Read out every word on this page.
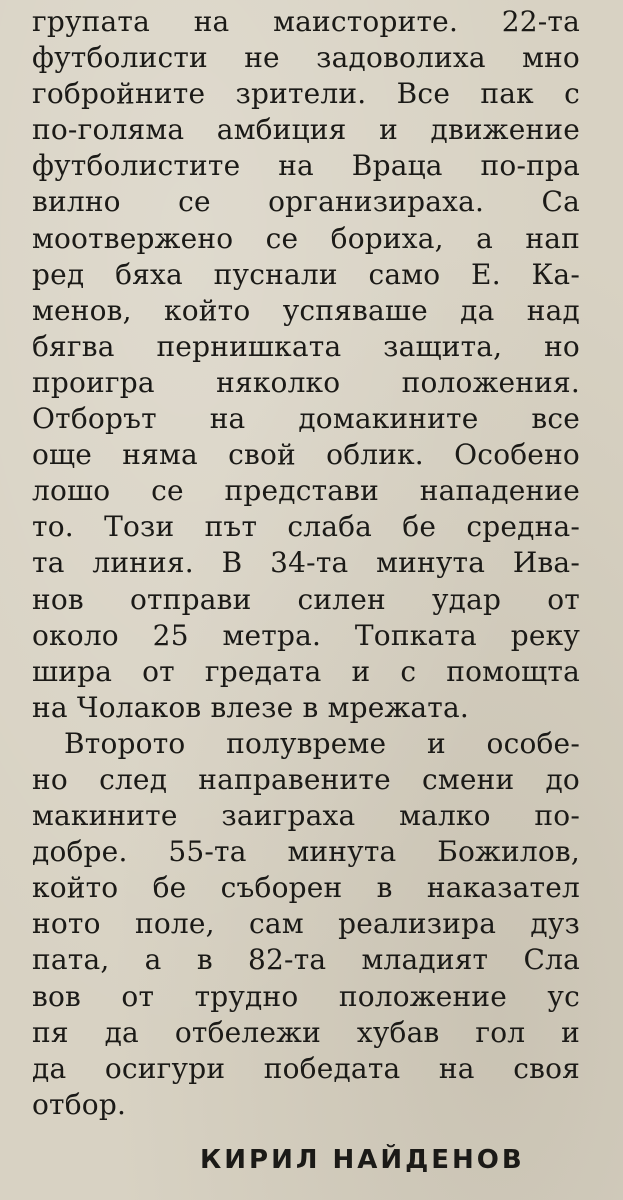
групата на маисторите. 22-та
футболисти не задоволиха мно
гобройните зрители. Все пак с
по-голяма амбиция и движение
футболистите на Враца по-пра
вилно се организираха. Са
моотвержено се бориха, а нап
ред бяха пуснали само Е. Ка-
менов, който успяваше да над
бягва пернишката защита, но
проигра няколко положения.
Отборът на домакините все
още няма свой облик. Особено
лошо се представи нападение
то. Този път слаба бе средна-
та линия. В 34-та минута Ива-
нов отправи силен удар от
около 25 метра. Топката реку
шира от гредата и с помощта
на Чолаков влезе в мрежата.
Второто полувреме и особе-
но след направените смени до
макините заиграха малко по-
добре. 55-та минута Божилов,
който бе съборен в наказател
ното поле, сам реализира дуз
пата, а в 82-та младият Сла
вов от трудно положение ус
пя да отбележи хубав гол и
да осигури победата на своя
отбор.
КИРИЛ НАЙДЕНОВ
